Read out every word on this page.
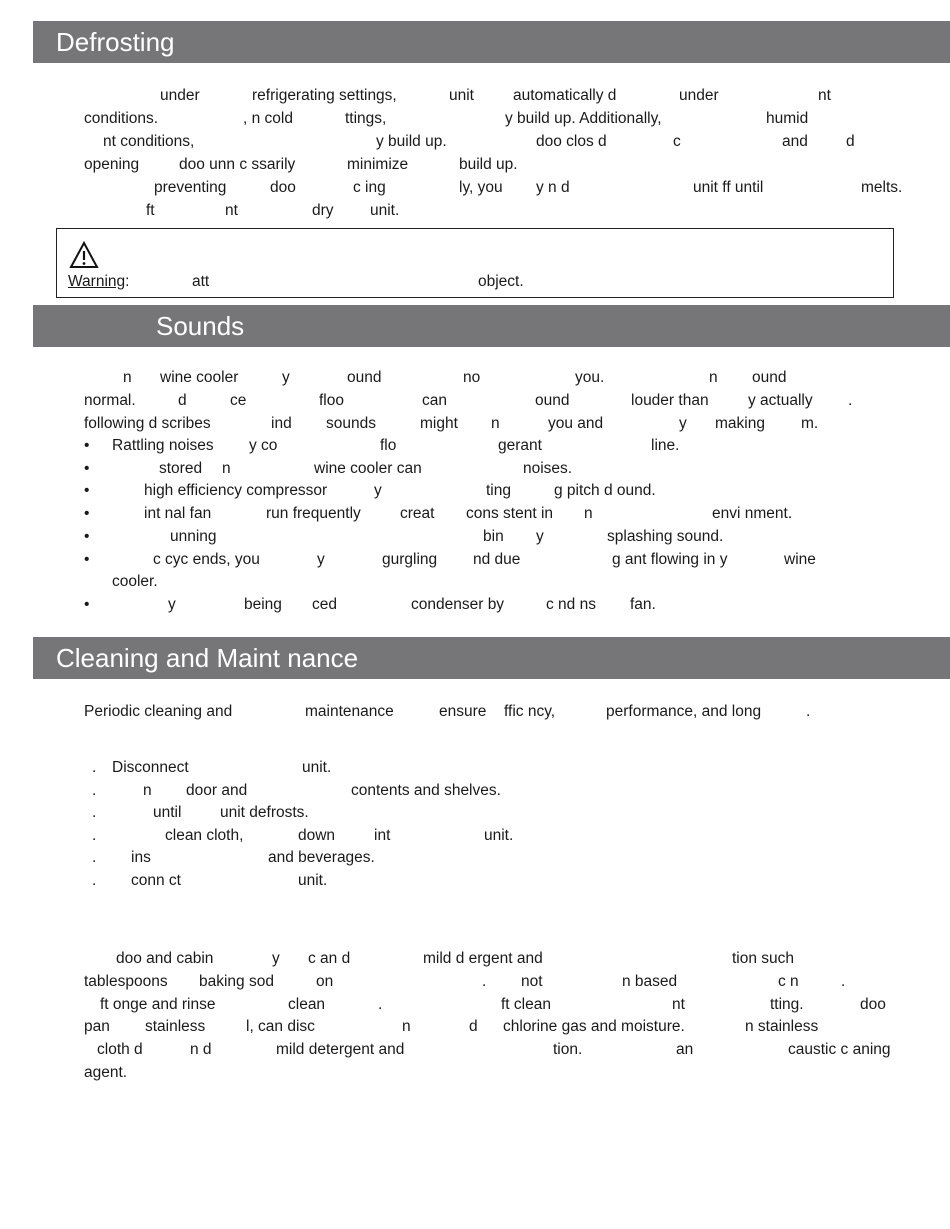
Defrosting
under	refrigerating settings,	unit	automatically d	under	nt
conditions.	, n cold	ttings,	y build up. Additionally,	humid
nt conditions,	y build up.	doo clos d	c	and d
opening	doo unn c ssarily	minimize	build up.
preventing	doo	c ing	ly, you y n d	unit ff until	melts.
ft	nt	dry unit.
Warning:	att	object.
Sounds
n wine cooler	y	ound	no	you.	n ound
normal.	d	ce	floo	can	ound	louder than	y actually .
following d scribes	ind sounds	might n	you and	y making m.
• Rattling noises y co	flo	gerant	line.
•	stored n	wine cooler can	noises.
•	high efficiency compressor	y	ting	g pitch d ound.
•	int nal fan	run frequently	creat cons stent in n	envi nment.
•	unning	bin y	splashing sound.
•	c cyc ends, you	y	gurgling nd due	g ant flowing in y	wine
•	y	being ced	condenser by	c nd ns fan.
cooler.
Cleaning and Maint nance
Periodic cleaning and	maintenance	ensure ffic ncy,	performance, and long	.
. Disconnect	unit.
.	n door and	contents and shelves.
.	until unit defrosts.
.	clean cloth,	down	int	unit.
. ins	and beverages.
. conn ct	unit.
doo and cabin	y c an d	mild d ergent and	tion such
tablespoons baking sod	on	. not	n based	c n	.
ft onge and rinse	clean	.	ft clean	nt	tting.	doo
pan stainless	l, can disc	n	d chlorine gas and moisture.	n stainless
cloth d	n d	mild detergent and	tion.	an	caustic c aning
agent.
